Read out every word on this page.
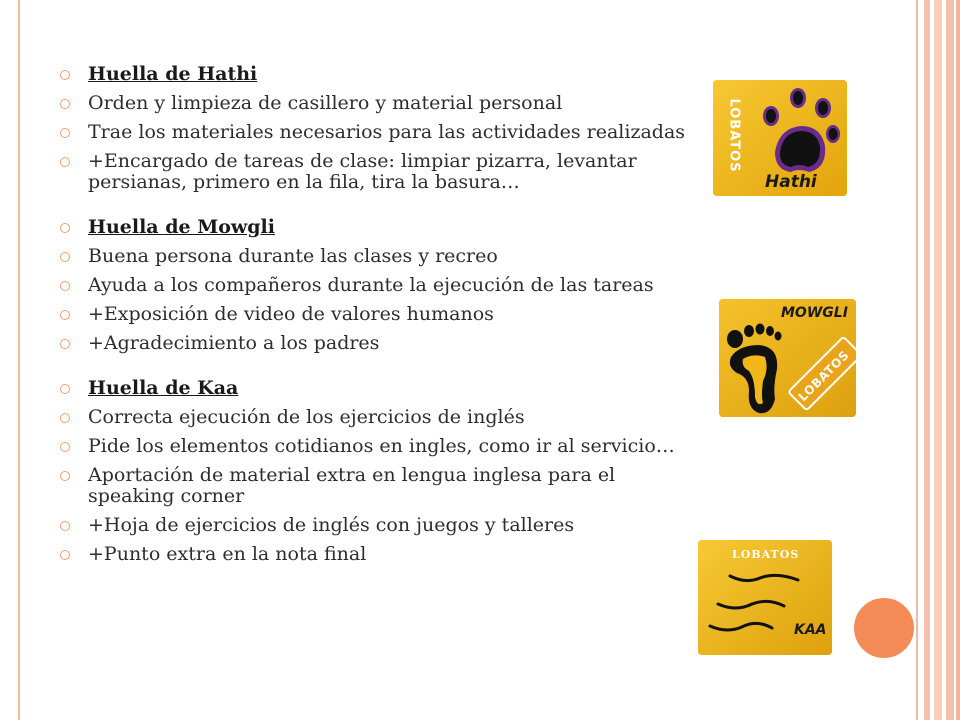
Huella de Hathi
Orden y limpieza de casillero y material personal
Trae los materiales necesarios para las actividades realizadas
+Encargado de tareas de clase: limpiar pizarra, levantar persianas, primero en la fila, tira la basura…
Huella de Mowgli
Buena persona durante las clases y recreo
Ayuda a los compañeros durante la ejecución de las tareas
+Exposición de video de valores humanos
+Agradecimiento a los padres
Huella de Kaa
Correcta ejecución de los ejercicios de inglés
Pide los elementos cotidianos en ingles, como ir al servicio…
Aportación de material extra en lengua inglesa para el speaking corner
+Hoja de ejercicios de inglés con juegos y talleres
+Punto extra en la nota final
LOBATOS
Hathi
MOWGLI
LOBATOS
LOBATOS
KAA
